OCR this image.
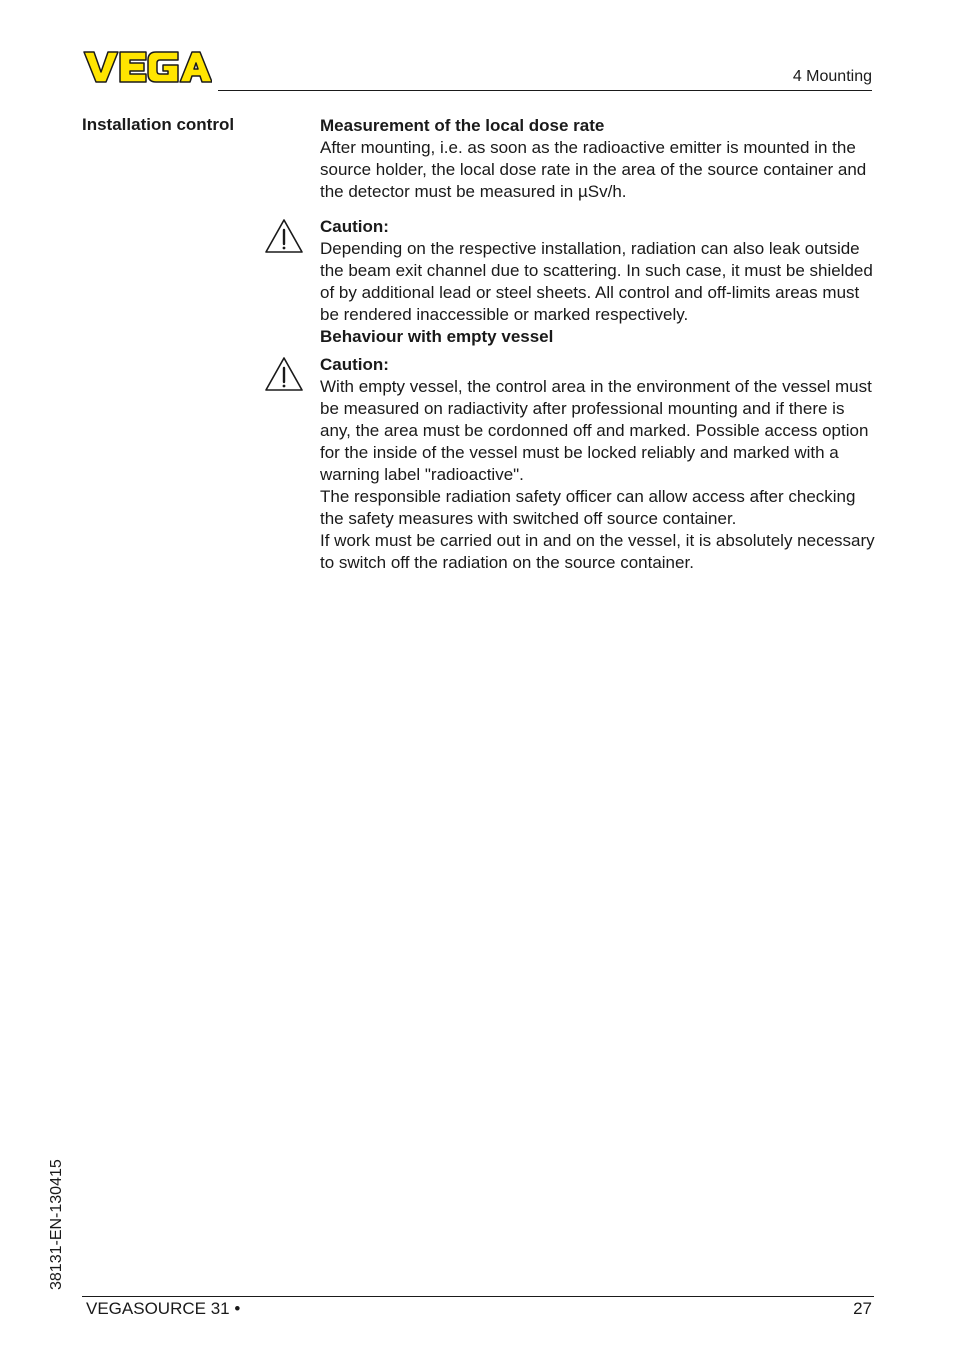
4 Mounting
Installation control	Measurement of the local dose rate

After mounting, i.e. as soon as the radioactive emitter is mounted in the source holder, the local dose rate in the area of the source container and the detector must be measured in µSv/h.

Caution:

Depending on the respective installation, radiation can also leak outside the beam exit channel due to scattering. In such case, it must be shielded of by additional lead or steel sheets. All control and off-limits areas must be rendered inaccessible or marked respectively.

Behaviour with empty vessel
Caution:

With empty vessel, the control area in the environment of the vessel must be measured on radiactivity after professional mounting and if there is any, the area must be cordonned off and marked. Possible access option for the inside of the vessel must be locked reliably and marked with a warning label "radioactive".

The responsible radiation safety officer can allow access after checking the safety measures with switched off source container.

If work must be carried out in and on the vessel, it is absolutely necessary to switch off the radiation on the source container.

38131-EN-130415
VEGASOURCE 31 •	27
